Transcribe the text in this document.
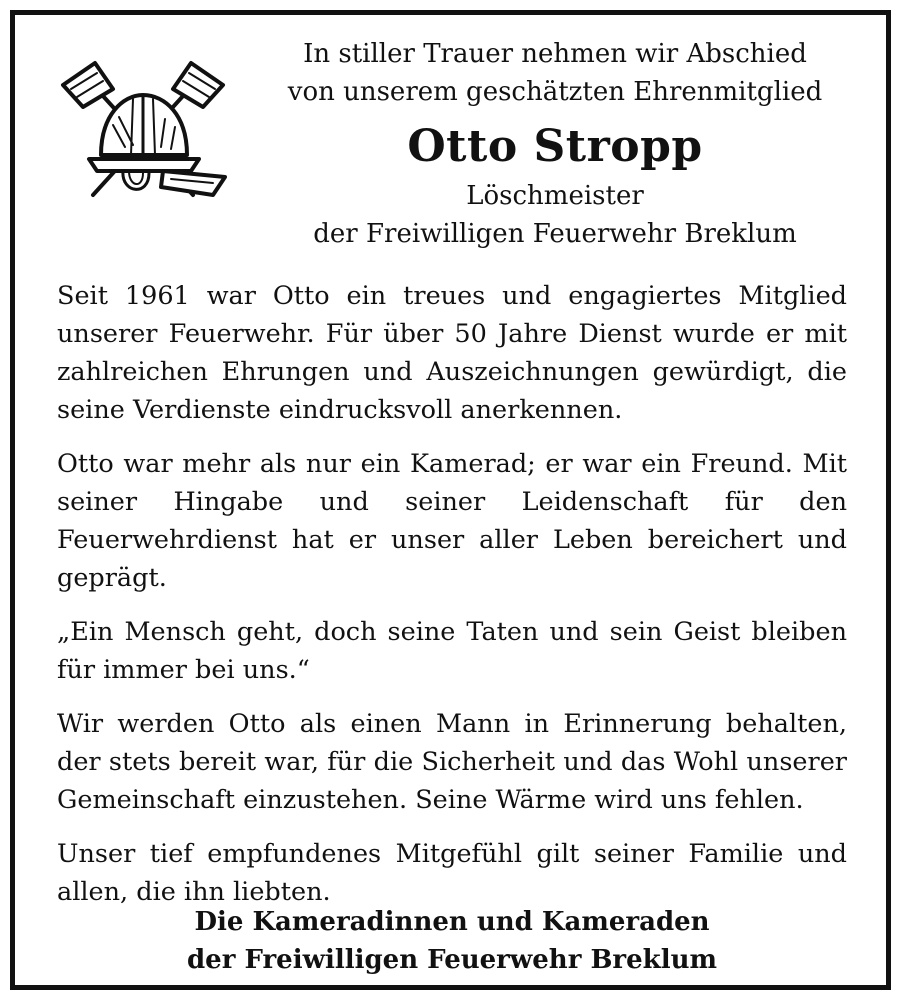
In stiller Trauer nehmen wir Abschied

von unserem geschätzten Ehrenmitglied

Otto Stropp

Löschmeister

der Freiwilligen Feuerwehr Breklum

Seit 1961 war Otto ein treues und engagiertes Mitglied unserer Feuerwehr. Für über 50 Jahre Dienst wurde er mit zahlreichen Ehrungen und Auszeichnungen gewürdigt, die seine Verdienste eindrucksvoll anerkennen.

Otto war mehr als nur ein Kamerad; er war ein Freund. Mit seiner Hingabe und seiner Leidenschaft für den Feuerwehrdienst hat er unser aller Leben bereichert und geprägt.

„Ein Mensch geht, doch seine Taten und sein Geist bleiben für immer bei uns.“

Wir werden Otto als einen Mann in Erinnerung behalten, der stets bereit war, für die Sicherheit und das Wohl unserer Gemeinschaft einzustehen. Seine Wärme wird uns fehlen.

Unser tief empfundenes Mitgefühl gilt seiner Familie und allen, die ihn liebten.

Die Kameradinnen und Kameraden

der Freiwilligen Feuerwehr Breklum
